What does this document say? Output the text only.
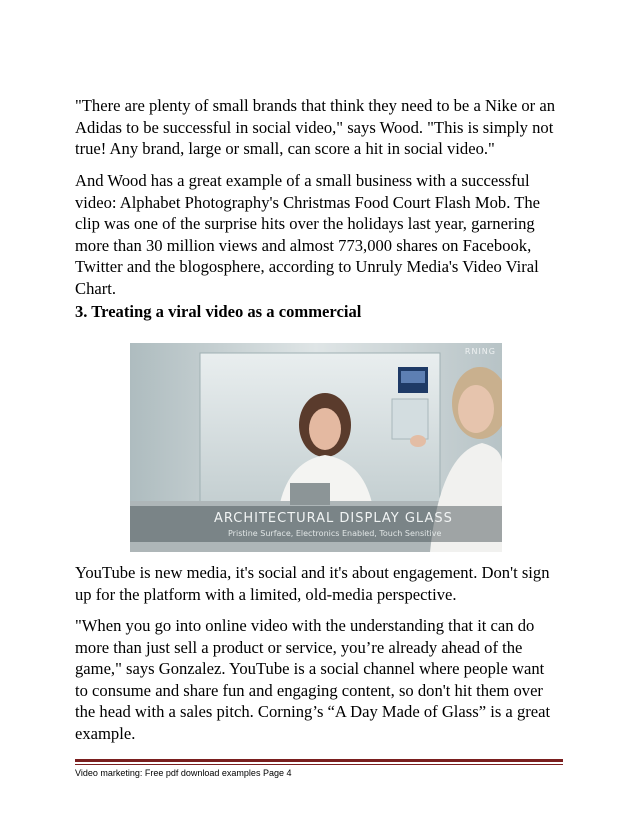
"There are plenty of small brands that think they need to be a Nike or an
Adidas to be successful in social video," says Wood. "This is simply not
true! Any brand, large or small, can score a hit in social video."

And Wood has a great example of a small business with a successful
video: Alphabet Photography's Christmas Food Court Flash Mob. The
clip was one of the surprise hits over the holidays last year, garnering
more than 30 million views and almost 773,000 shares on Facebook,
Twitter and the blogosphere, according to Unruly Media's Video Viral
Chart.

3. Treating a viral video as a commercial
ARCHITECTURAL DISPLAY GLASS
Pristine Surface, Electronics Enabled, Touch Sensitive
RNING

YouTube is new media, it's social and it's about engagement. Don't sign
up for the platform with a limited, old-media perspective.

"When you go into online video with the understanding that it can do
more than just sell a product or service, you’re already ahead of the
game," says Gonzalez. YouTube is a social channel where people want
to consume and share fun and engaging content, so don't hit them over
the head with a sales pitch. Corning’s “A Day Made of Glass” is a great
example.

Video marketing: Free pdf download examples Page 4
